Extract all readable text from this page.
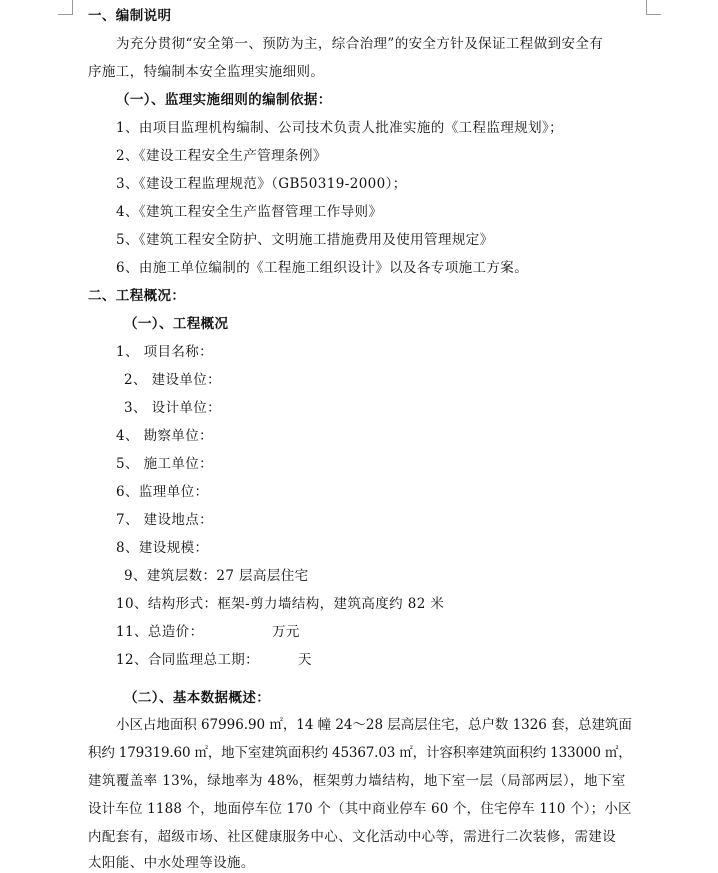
一、编制说明
为充分贯彻“安全第一、预防为主，综合治理”的安全方针及保证工程做到安全有
序施工，特编制本安全监理实施细则。
（一）、监理实施细则的编制依据：
1、由项目监理机构编制、公司技术负责人批准实施的《工程监理规划》；
2、《建设工程安全生产管理条例》
3、《建设工程监理规范》（GB50319-2000）；
4、《建筑工程安全生产监督管理工作导则》
5、《建筑工程安全防护、文明施工措施费用及使用管理规定》
6、由施工单位编制的《工程施工组织设计》以及各专项施工方案。
二、工程概况：
（一）、工程概况
1、 项目名称：
2、 建设单位：
3、 设计单位：
4、 勘察单位：
5、 施工单位：
6、监理单位：
7、 建设地点：
8、建设规模：
9、建筑层数：27 层高层住宅
10、结构形式：框架-剪力墙结构，建筑高度约 82 米
11、总造价：	万元
12、合同监理总工期：	天
（二）、基本数据概述：
小区占地面积 67996.90 ㎡，14 幢 24～28 层高层住宅，总户数 1326 套，总建筑面
积约 179319.60 ㎡，地下室建筑面积约 45367.03 ㎡，计容积率建筑面积约 133000 ㎡，
建筑覆盖率 13%，绿地率为 48%，框架剪力墙结构，地下室一层（局部两层），地下室
设计车位 1188 个，地面停车位 170 个（其中商业停车 60 个，住宅停车 110 个）；小区
内配套有，超级市场、社区健康服务中心、文化活动中心等，需进行二次装修，需建设
太阳能、中水处理等设施。
